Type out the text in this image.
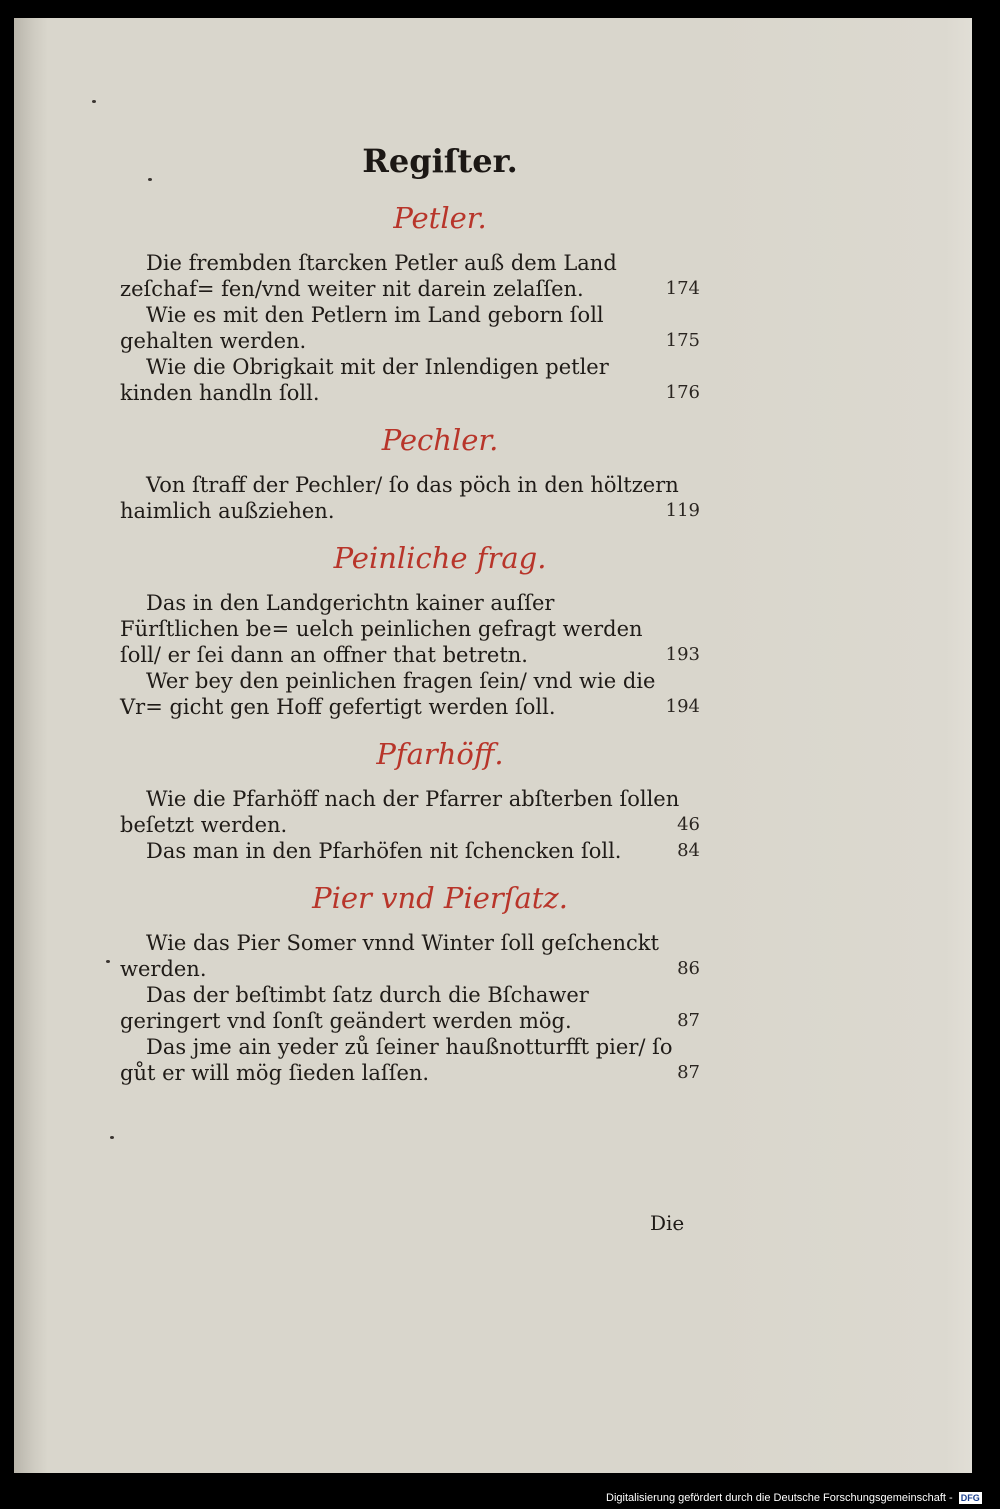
Regiſter.
Petler.

Die frembden ſtarcken Petler auß dem Land zeſchaf= fen/vnd weiter nit darein zelaſſen.	174

Wie es mit den Petlern im Land geborn ſoll gehalten werden.	175

Wie die Obrigkait mit der Inlendigen petler kinden handln ſoll.	176

Pechler.

Von ſtraff der Pechler/ ſo das pöch in den höltzern haimlich außziehen.	119

Peinliche frag.

Das in den Landgerichtn kainer auſſer Fürſtlichen be= uelch peinlichen gefragt werden ſoll/ er ſei dann an offner that betretn.	193

Wer bey den peinlichen fragen ſein/ vnd wie die Vr= gicht gen Hoff gefertigt werden ſoll.	194

Pfarhöff.

Wie die Pfarhöff nach der Pfarrer abſterben ſollen beſetzt werden.	46

Das man in den Pfarhöfen nit ſchencken ſoll.	84

Pier vnd Pierſatz.

Wie das Pier Somer vnnd Winter ſoll geſchenckt werden.	86

Das der beſtimbt ſatz durch die Bſchawer geringert vnd ſonſt geändert werden mög.	87

Das jme ain yeder zů ſeiner haußnotturfft pier/ ſo gůt er will mög ſieden laſſen.	87

Die
Digitalisierung gefördert durch die Deutsche Forschungsgemeinschaft - DFG
